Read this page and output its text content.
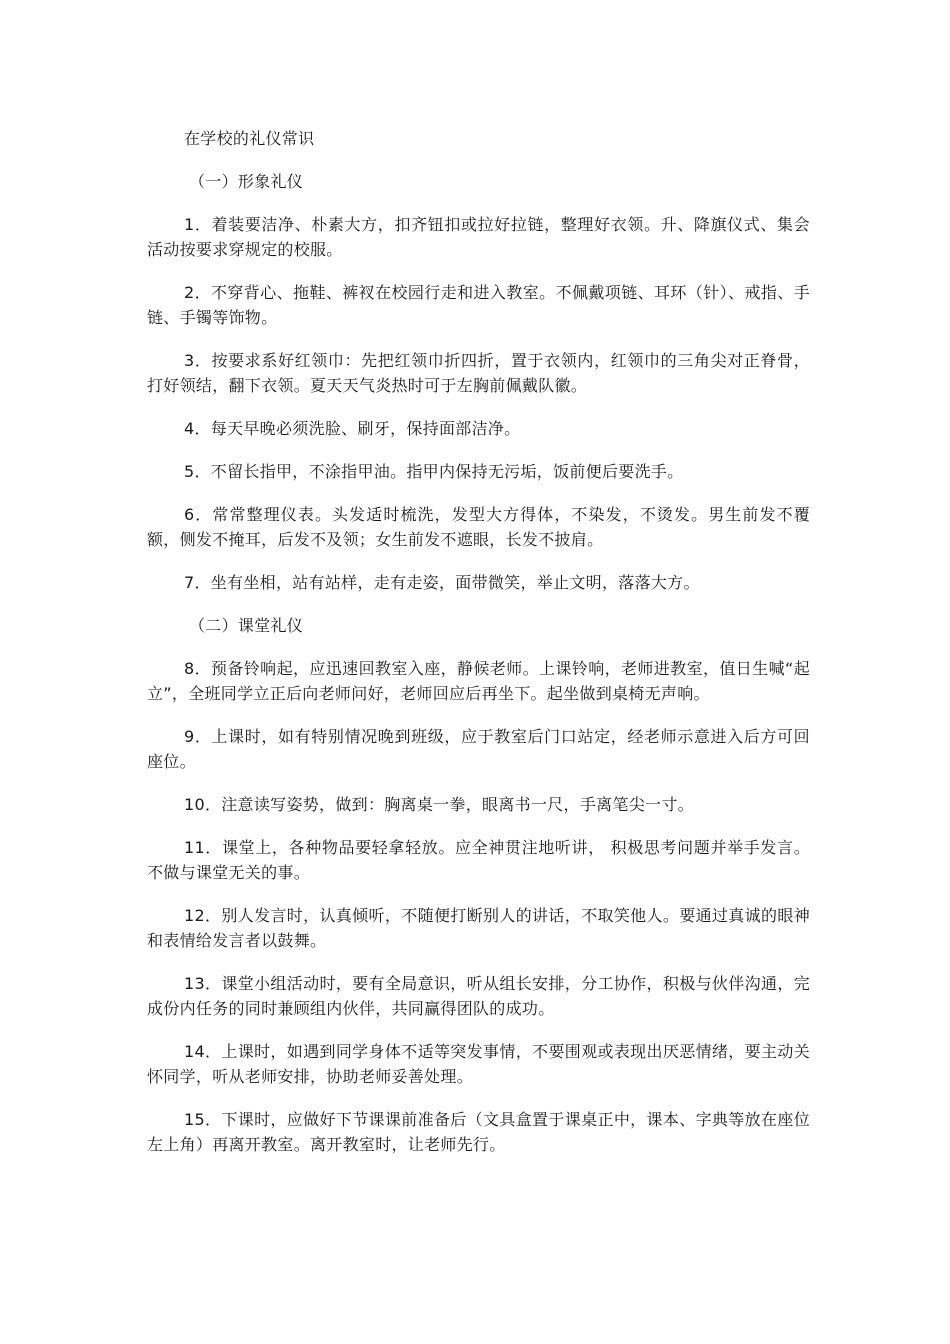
在学校的礼仪常识

（一）形象礼仪

1．着装要洁净、朴素大方，扣齐钮扣或拉好拉链，整理好衣领。升、降旗仪式、集会活动按要求穿规定的校服。

2．不穿背心、拖鞋、裤衩在校园行走和进入教室。不佩戴项链、耳环（针）、戒指、手链、手镯等饰物。

3．按要求系好红领巾：先把红领巾折四折，置于衣领内，红领巾的三角尖对正脊骨，打好领结，翻下衣领。夏天天气炎热时可于左胸前佩戴队徽。

4．每天早晚必须洗脸、刷牙，保持面部洁净。

5．不留长指甲，不涂指甲油。指甲内保持无污垢，饭前便后要洗手。

6．常常整理仪表。头发适时梳洗，发型大方得体，不染发，不烫发。男生前发不覆额，侧发不掩耳，后发不及领；女生前发不遮眼，长发不披肩。

7．坐有坐相，站有站样，走有走姿，面带微笑，举止文明，落落大方。

（二）课堂礼仪

8．预备铃响起，应迅速回教室入座，静候老师。上课铃响，老师进教室，值日生喊“起立”，全班同学立正后向老师问好，老师回应后再坐下。起坐做到桌椅无声响。

9．上课时，如有特别情况晚到班级，应于教室后门口站定，经老师示意进入后方可回座位。

10．注意读写姿势，做到：胸离桌一拳，眼离书一尺，手离笔尖一寸。

11．课堂上，各种物品要轻拿轻放。应全神贯注地听讲， 积极思考问题并举手发言。不做与课堂无关的事。

12．别人发言时，认真倾听，不随便打断别人的讲话，不取笑他人。要通过真诚的眼神和表情给发言者以鼓舞。

13．课堂小组活动时，要有全局意识，听从组长安排，分工协作，积极与伙伴沟通，完成份内任务的同时兼顾组内伙伴，共同赢得团队的成功。

14．上课时，如遇到同学身体不适等突发事情，不要围观或表现出厌恶情绪，要主动关怀同学，听从老师安排，协助老师妥善处理。

15．下课时，应做好下节课课前准备后（文具盒置于课桌正中，课本、字典等放在座位左上角）再离开教室。离开教室时，让老师先行。
